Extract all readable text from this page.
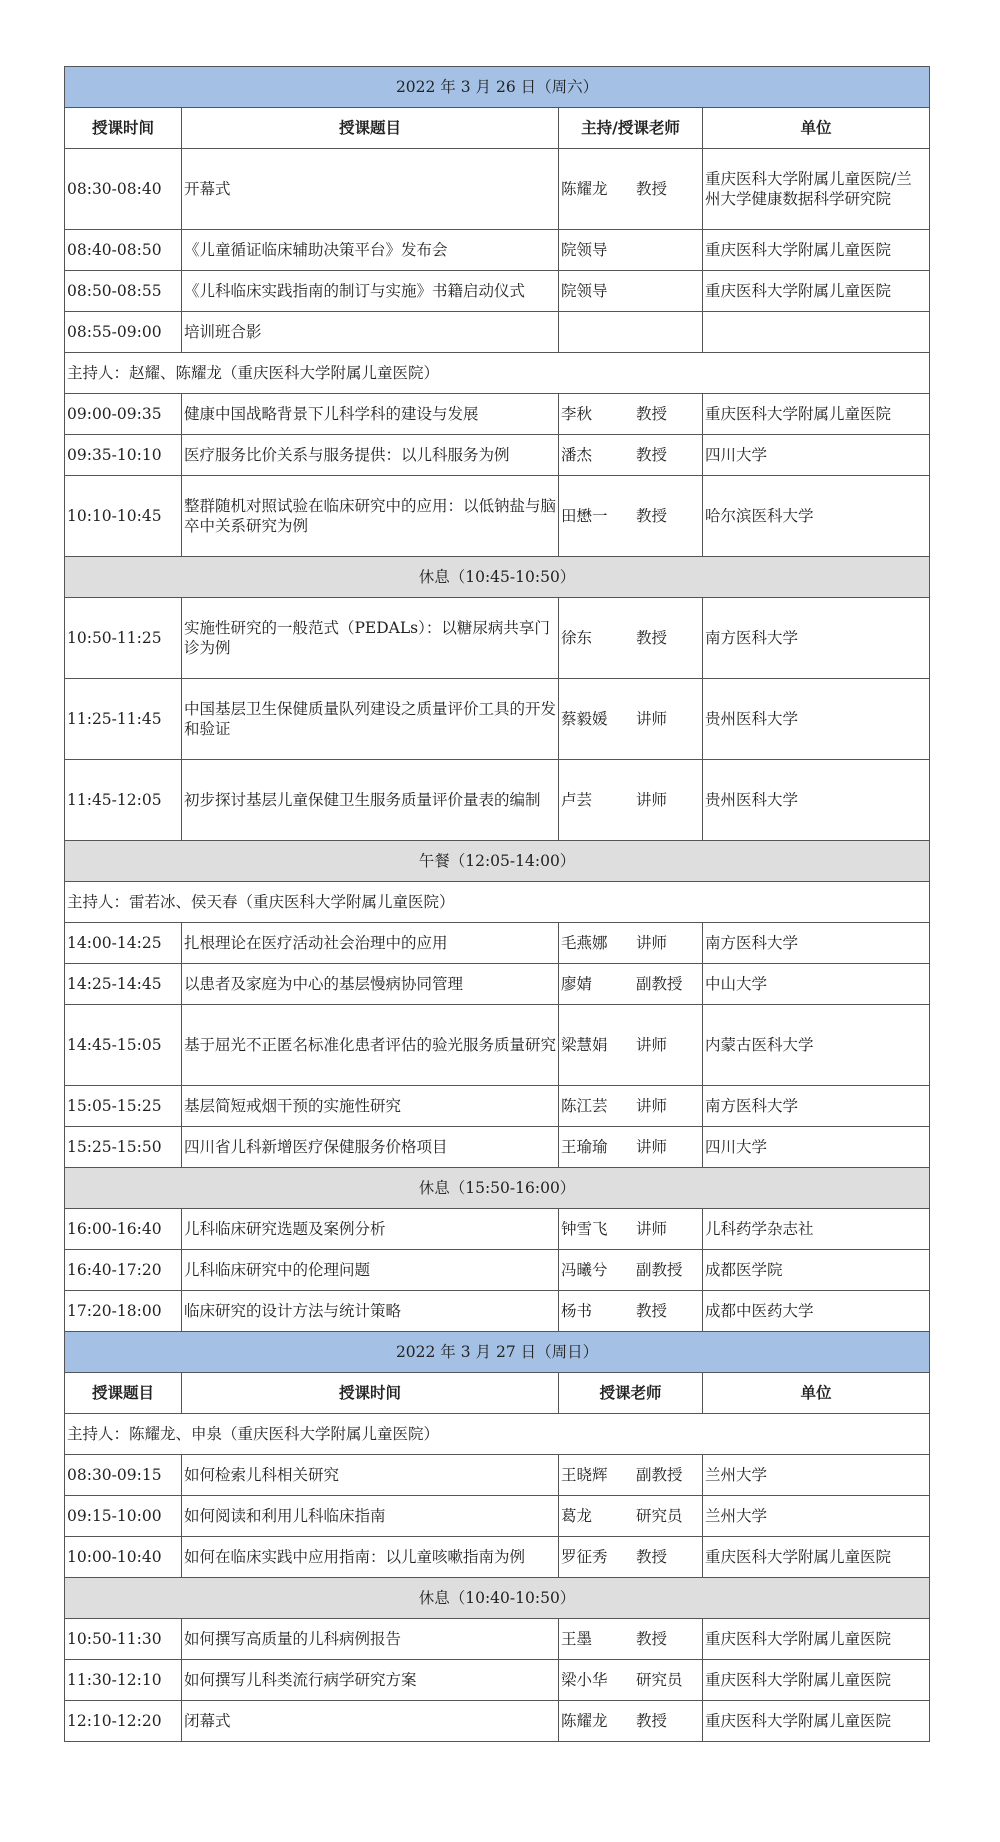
2022 年 3 月 26 日（周六）			
授课时间	授课题目	主持/授课老师	单位
08:30-08:40	开幕式	陈耀龙 教授	重庆医科大学附属儿童医院/兰州大学健康数据科学研究院
08:40-08:50	《儿童循证临床辅助决策平台》发布会	院领导	重庆医科大学附属儿童医院
08:50-08:55	《儿科临床实践指南的制订与实施》书籍启动仪式	院领导	重庆医科大学附属儿童医院
08:55-09:00	培训班合影		
主持人：赵耀、陈耀龙（重庆医科大学附属儿童医院）			
09:00-09:35	健康中国战略背景下儿科学科的建设与发展	李秋 教授	重庆医科大学附属儿童医院
09:35-10:10	医疗服务比价关系与服务提供：以儿科服务为例	潘杰 教授	四川大学
10:10-10:45	整群随机对照试验在临床研究中的应用：以低钠盐与脑卒中关系研究为例	田懋一 教授	哈尔滨医科大学
休息（10:45-10:50）			
10:50-11:25	实施性研究的一般范式（PEDALs）：以糖尿病共享门诊为例	徐东 教授	南方医科大学
11:25-11:45	中国基层卫生保健质量队列建设之质量评价工具的开发和验证	蔡毅媛 讲师	贵州医科大学
11:45-12:05	初步探讨基层儿童保健卫生服务质量评价量表的编制	卢芸 讲师	贵州医科大学
午餐（12:05-14:00）			
主持人：雷若冰、侯天春（重庆医科大学附属儿童医院）			
14:00-14:25	扎根理论在医疗活动社会治理中的应用	毛燕娜 讲师	南方医科大学
14:25-14:45	以患者及家庭为中心的基层慢病协同管理	廖婧 副教授	中山大学
14:45-15:05	基于屈光不正匿名标准化患者评估的验光服务质量研究	梁慧娟 讲师	内蒙古医科大学
15:05-15:25	基层简短戒烟干预的实施性研究	陈江芸 讲师	南方医科大学
15:25-15:50	四川省儿科新增医疗保健服务价格项目	王瑜瑜 讲师	四川大学
休息（15:50-16:00）			
16:00-16:40	儿科临床研究选题及案例分析	钟雪飞 讲师	儿科药学杂志社
16:40-17:20	儿科临床研究中的伦理问题	冯曦兮 副教授	成都医学院
17:20-18:00	临床研究的设计方法与统计策略	杨书 教授	成都中医药大学
2022 年 3 月 27 日（周日）			
授课题目	授课时间	授课老师	单位
主持人：陈耀龙、申泉（重庆医科大学附属儿童医院）			
08:30-09:15	如何检索儿科相关研究	王晓辉 副教授	兰州大学
09:15-10:00	如何阅读和利用儿科临床指南	葛龙 研究员	兰州大学
10:00-10:40	如何在临床实践中应用指南：以儿童咳嗽指南为例	罗征秀 教授	重庆医科大学附属儿童医院
休息（10:40-10:50）			
10:50-11:30	如何撰写高质量的儿科病例报告	王墨 教授	重庆医科大学附属儿童医院
11:30-12:10	如何撰写儿科类流行病学研究方案	梁小华 研究员	重庆医科大学附属儿童医院
12:10-12:20	闭幕式	陈耀龙 教授	重庆医科大学附属儿童医院
